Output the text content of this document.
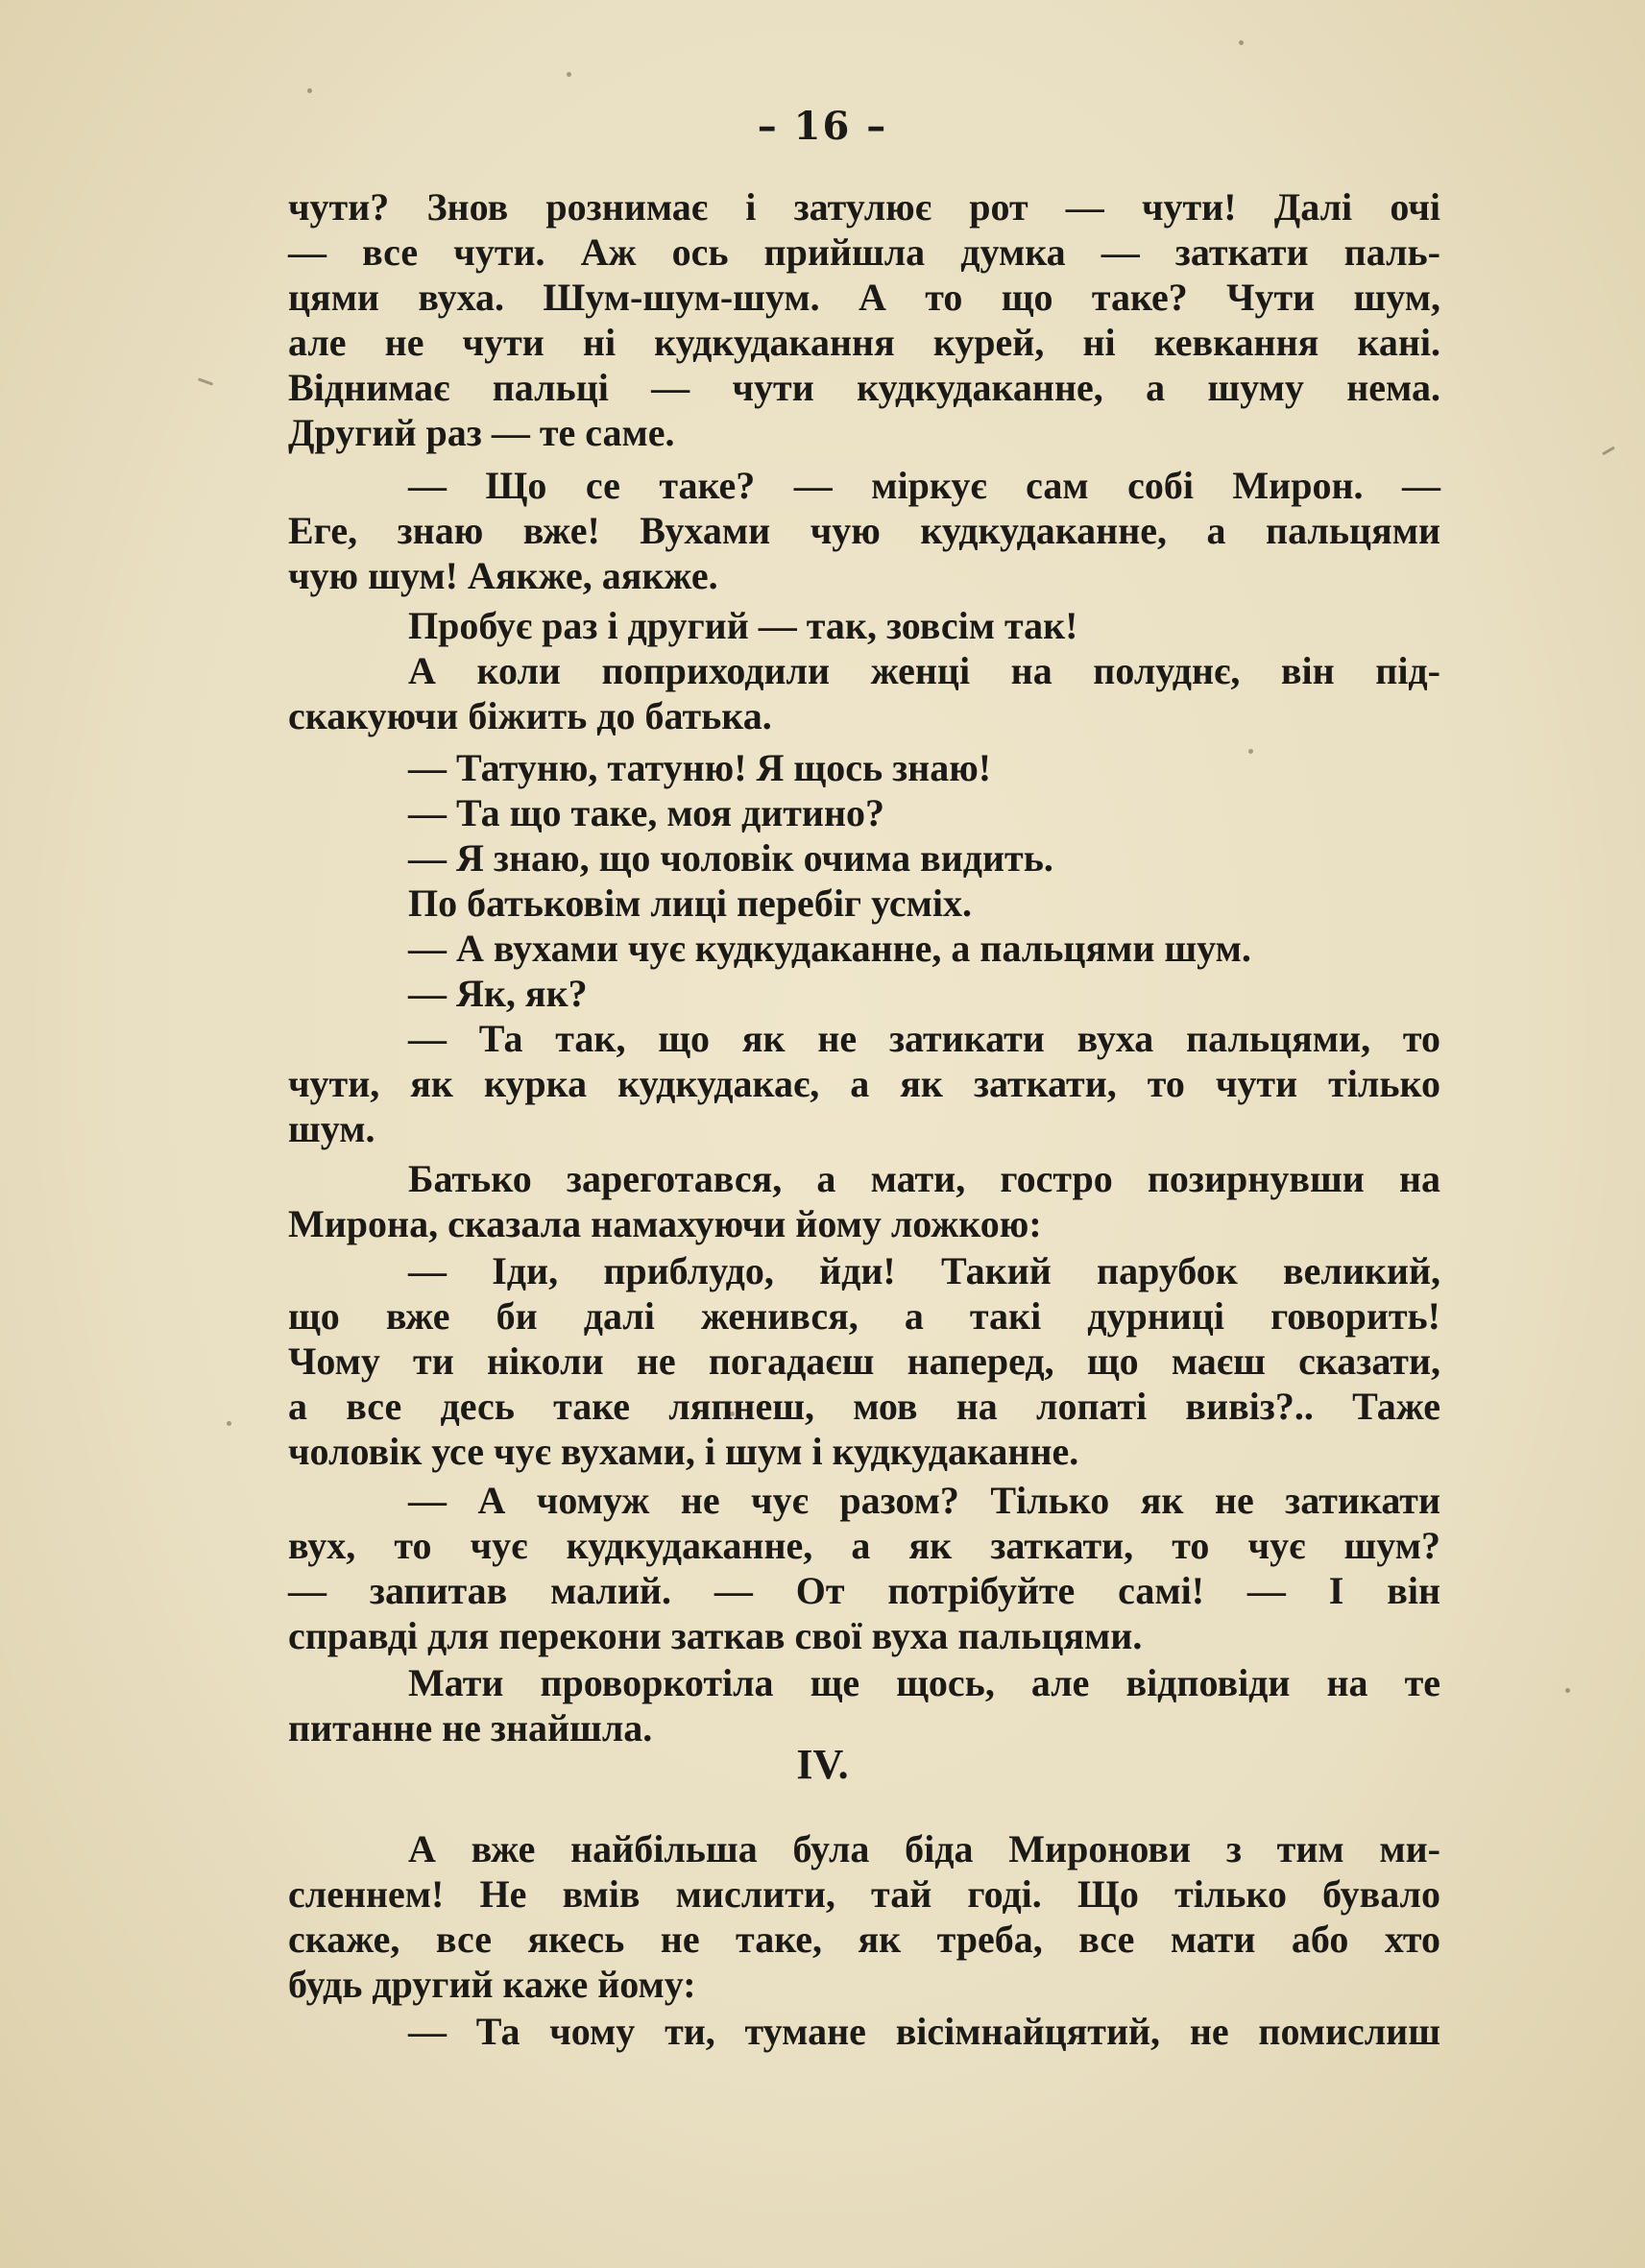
– 16 –
чути? Знов рознимає і затулює рот — чути! Далі очі
— все чути. Аж ось прийшла думка — заткати паль-
цями вуха. Шум-шум-шум. А то що таке? Чути шум,
але не чути ні кудкудакання курей, ні кевкання кані.
Віднимає пальці — чути кудкудаканне, а шуму нема.
Другий раз — те саме.
— Що се таке? — міркує сам собі Мирон. —
Еге, знаю вже! Вухами чую кудкудаканне, а пальцями
чую шум! Аякже, аякже.
Пробує раз і другий — так, зовсім так!
А коли поприходили женці на полуднє, він під-
скакуючи біжить до батька.
— Татуню, татуню! Я щось знаю!
— Та що таке, моя дитино?
— Я знаю, що чоловік очима видить.
По батьковім лиці перебіг усміх.
— А вухами чує кудкудаканне, а пальцями шум.
— Як, як?
— Та так, що як не затикати вуха пальцями, то
чути, як курка кудкудакає, а як заткати, то чути тілько
шум.
Батько зареготався, а мати, гостро позирнувши на
Мирона, сказала намахуючи йому ложкою:
— Іди, приблудо, йди! Такий парубок великий,
що вже би далі женився, а такі дурниці говорить!
Чому ти ніколи не погадаєш наперед, що маєш сказати,
а все десь таке ляпнеш, мов на лопаті вивіз?.. Таже
чоловік усе чує вухами, і шум і кудкудаканне.
— А чомуж не чує разом? Тілько як не затикати
вух, то чує кудкудаканне, а як заткати, то чує шум?
— запитав малий. — От потрібуйте самі! — І він
справді для перекони заткав свої вуха пальцями.
Мати проворкотіла ще щось, але відповіди на те
питанне не знайшла.
IV.
А вже найбільша була біда Миронови з тим ми-
сленнем! Не вмів мислити, тай годі. Що тілько бувало
скаже, все якесь не таке, як треба, все мати або хто
будь другий каже йому:
— Та чому ти, тумане вісімнайцятий, не помислиш
